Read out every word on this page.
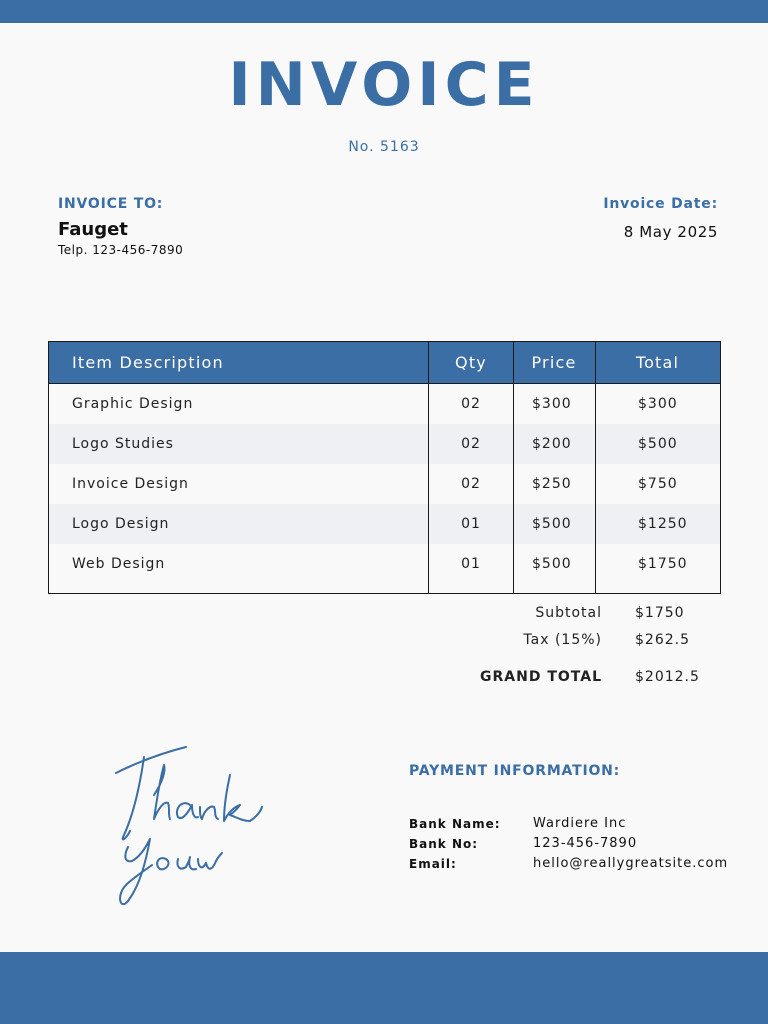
INVOICE
No. 5163
INVOICE TO:
Fauget
Telp. 123-456-7890
Invoice Date:
8 May 2025
Item Description	Qty	Price	Total
Graphic Design	02	$300	$300
Logo Studies	02	$200	$500
Invoice Design	02	$250	$750
Logo Design	01	$500	$1250
Web Design	01	$500	$1750

Subtotal $1750
Tax (15%) $262.5
GRAND TOTAL $2012.5
Thank You
PAYMENT INFORMATION:
Bank Name: Wardiere Inc
Bank No:	123-456-7890
Email:	hello@reallygreatsite.com
